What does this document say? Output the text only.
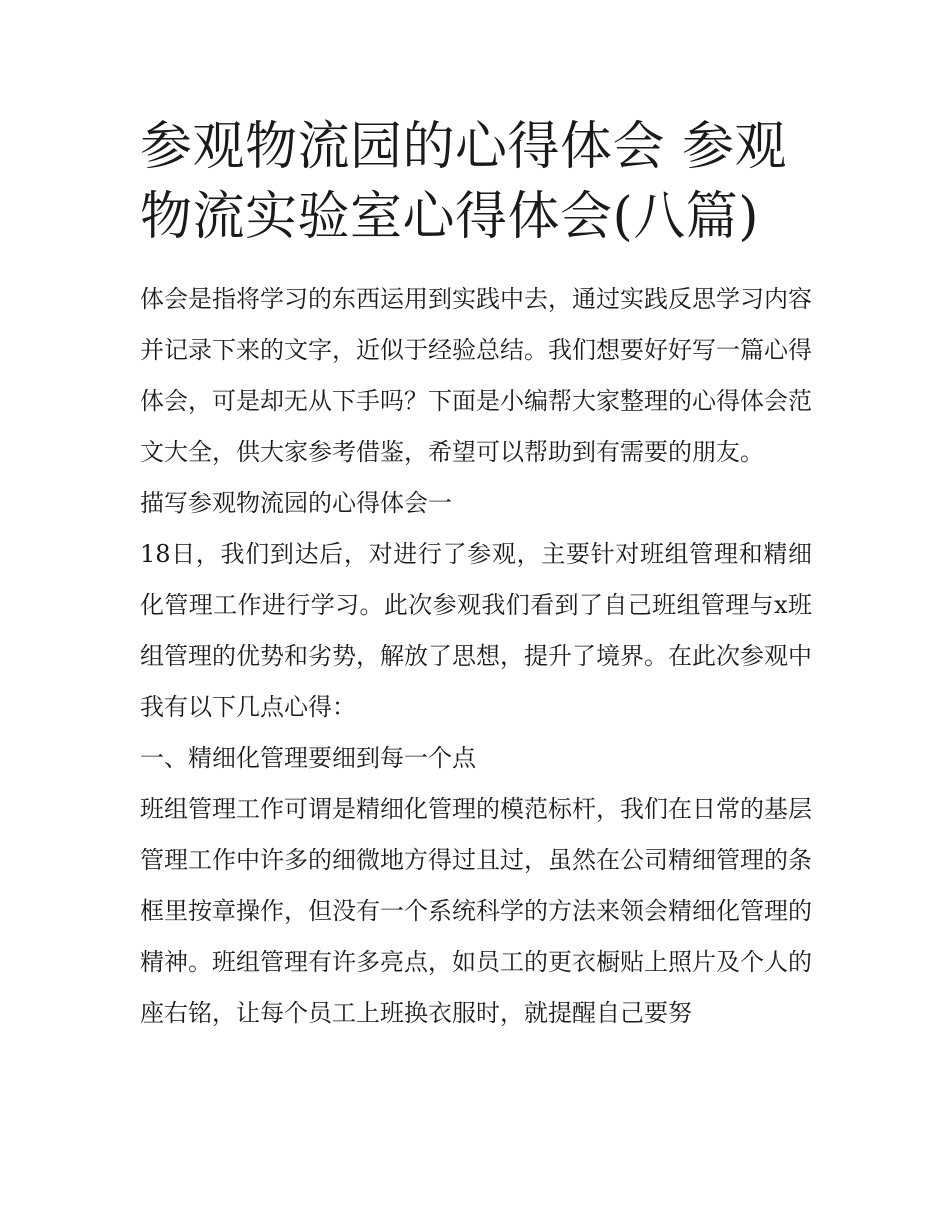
参观物流园的心得体会 参观物流实验室心得体会(八篇)

体会是指将学习的东西运用到实践中去，通过实践反思学习内容并记录下来的文字，近似于经验总结。我们想要好好写一篇心得体会，可是却无从下手吗？下面是小编帮大家整理的心得体会范文大全，供大家参考借鉴，希望可以帮助到有需要的朋友。

描写参观物流园的心得体会一

18日，我们到达后，对进行了参观，主要针对班组管理和精细化管理工作进行学习。此次参观我们看到了自己班组管理与x班组管理的优势和劣势，解放了思想，提升了境界。在此次参观中我有以下几点心得：

一、精细化管理要细到每一个点

班组管理工作可谓是精细化管理的模范标杆，我们在日常的基层管理工作中许多的细微地方得过且过，虽然在公司精细管理的条框里按章操作，但没有一个系统科学的方法来领会精细化管理的精神。班组管理有许多亮点，如员工的更衣橱贴上照片及个人的座右铭，让每个员工上班换衣服时，就提醒自己要努
